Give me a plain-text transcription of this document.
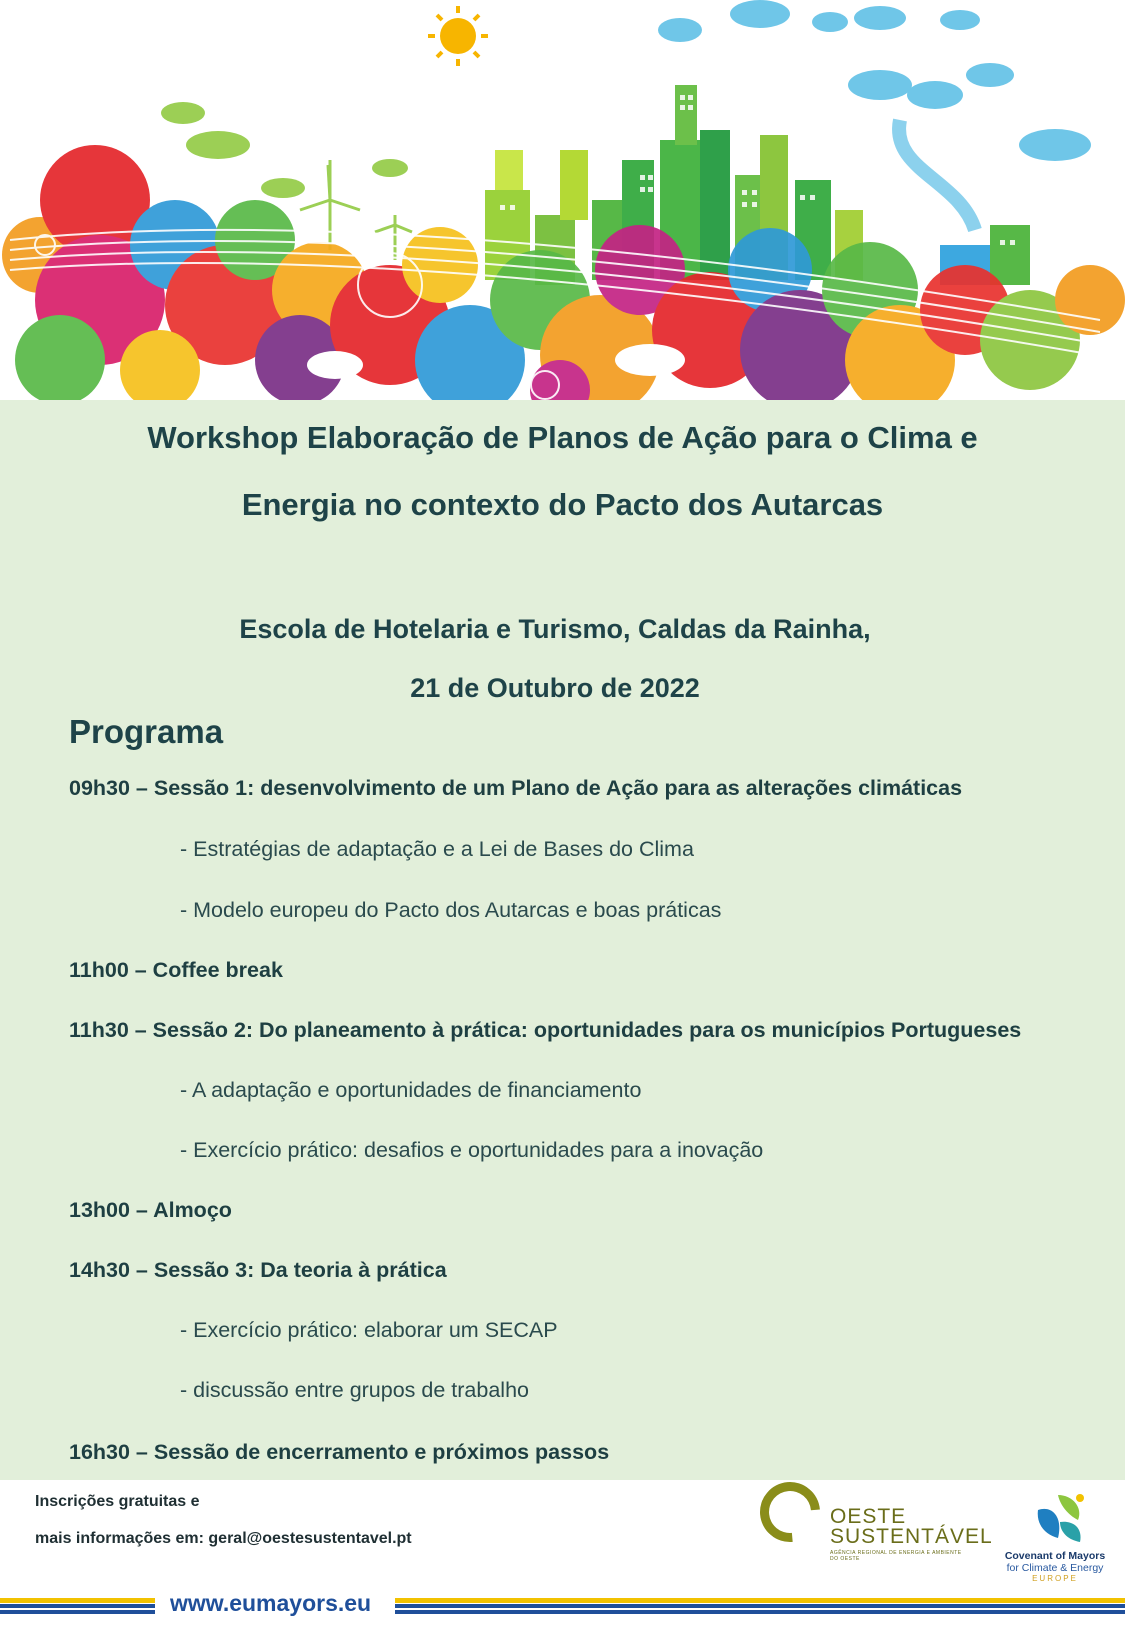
Workshop Elaboração de Planos de Ação para o Clima e
Energia no contexto do Pacto dos Autarcas
Escola de Hotelaria e Turismo, Caldas da Rainha,
21 de Outubro de 2022
Programa
09h30 – Sessão 1: desenvolvimento de um Plano de Ação para as alterações climáticas
- Estratégias de adaptação e a Lei de Bases do Clima
- Modelo europeu do Pacto dos Autarcas e boas práticas
11h00 – Coffee break
11h30 – Sessão 2: Do planeamento à prática: oportunidades para os municípios Portugueses
- A adaptação e oportunidades de financiamento
- Exercício prático: desafios e oportunidades para a inovação
13h00 – Almoço
14h30 – Sessão 3: Da teoria à prática
- Exercício prático: elaborar um SECAP
- discussão entre grupos de trabalho
16h30 – Sessão de encerramento e próximos passos
Inscrições gratuitas e
mais informações em: geral@oestesustentavel.pt
OESTE
SUSTENTÁVEL
AGÊNCIA REGIONAL DE ENERGIA E AMBIENTE DO OESTE	Covenant of Mayors
for Climate & Energy
EUROPE
www.eumayors.eu
